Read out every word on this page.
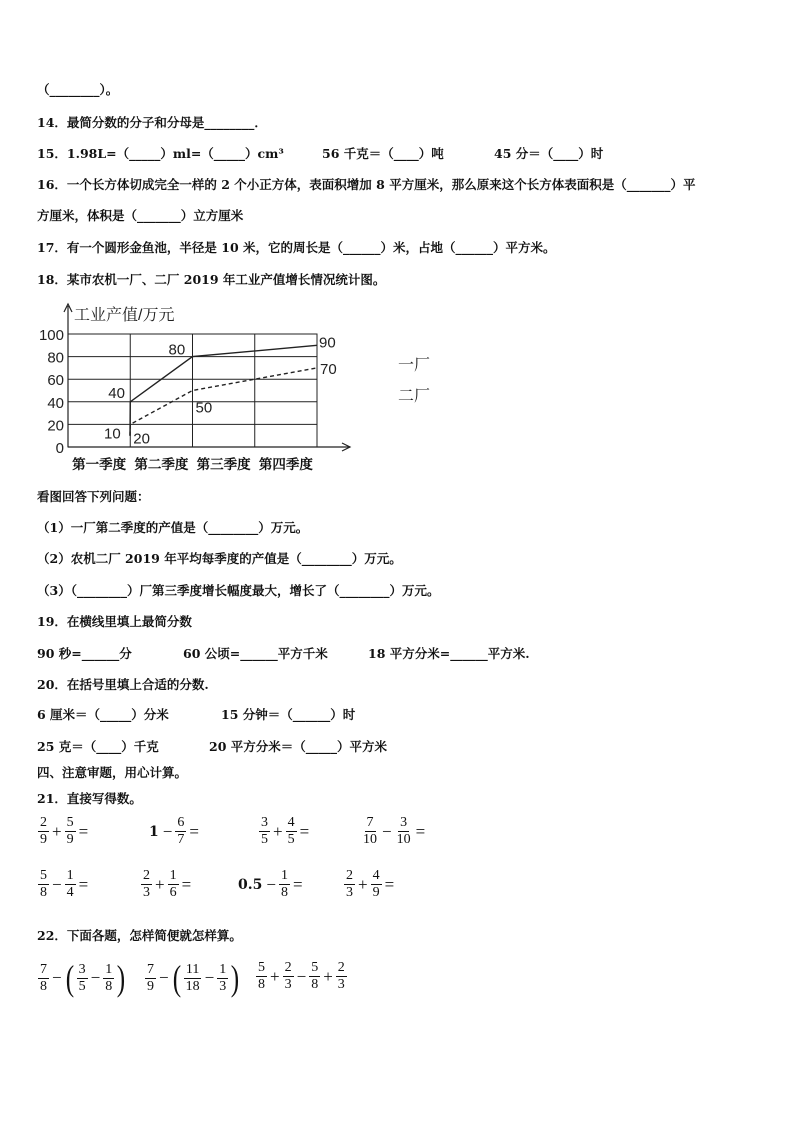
（________）。
14．最简分数的分子和分母是________．
15．1.98L=（_____）ml=（_____）cm³	56 千克＝（____）吨	45 分＝（____）时
16．一个长方体切成完全一样的 2 个小正方体，表面积增加 8 平方厘米，那么原来这个长方体表面积是（_______）平
方厘米，体积是（_______）立方厘米
17．有一个圆形金鱼池，半径是 10 米，它的周长是（______）米，占地（______）平方米。
18．某市农机一厂、二厂 2019 年工业产值增长情况统计图。
0
20
40
60
80
100
工业产值/万元
第一季度 第二季度 第三季度 第四季度
10
40
80	90
20
50
70	一厂
二厂
看图回答下列问题：
（1）一厂第二季度的产值是（________）万元。
（2）农机二厂 2019 年平均每季度的产值是（________）万元。
（3）（________）厂第三季度增长幅度最大，增长了（________）万元。
19．在横线里填上最简分数
90 秒=______分	60 公顷=______平方千米	18 平方分米=______平方米.
20．在括号里填上合适的分数.
6 厘米＝（_____）分米	15 分钟＝（______）时
25 克＝（____）千克	20 平方分米＝（_____）平方米
四、注意审题，用心计算。
21．直接写得数。
$\frac{2}{9} + \frac{5}{9}$ =	$1 - \frac{6}{7}$ =	$\frac{3}{5} + \frac{4}{5}$ =	$\frac{7}{10} - \frac{3}{10}$ =
$\frac{5}{8} - \frac{1}{4}$ =	$\frac{2}{3} + \frac{1}{6}$ =	$0.5 - \frac{1}{8}$ =	$\frac{2}{3} + \frac{4}{9}$ =
22．下面各题，怎样简便就怎样算。
$\frac{7}{8}$ − ( $\frac{3}{5} - \frac{1}{8}$ ) $\frac{7}{9}$ − ( $\frac{11}{18} - \frac{1}{3}$ ) $\frac{5}{8} + \frac{2}{3} - \frac{5}{8} + \frac{2}{3}$
